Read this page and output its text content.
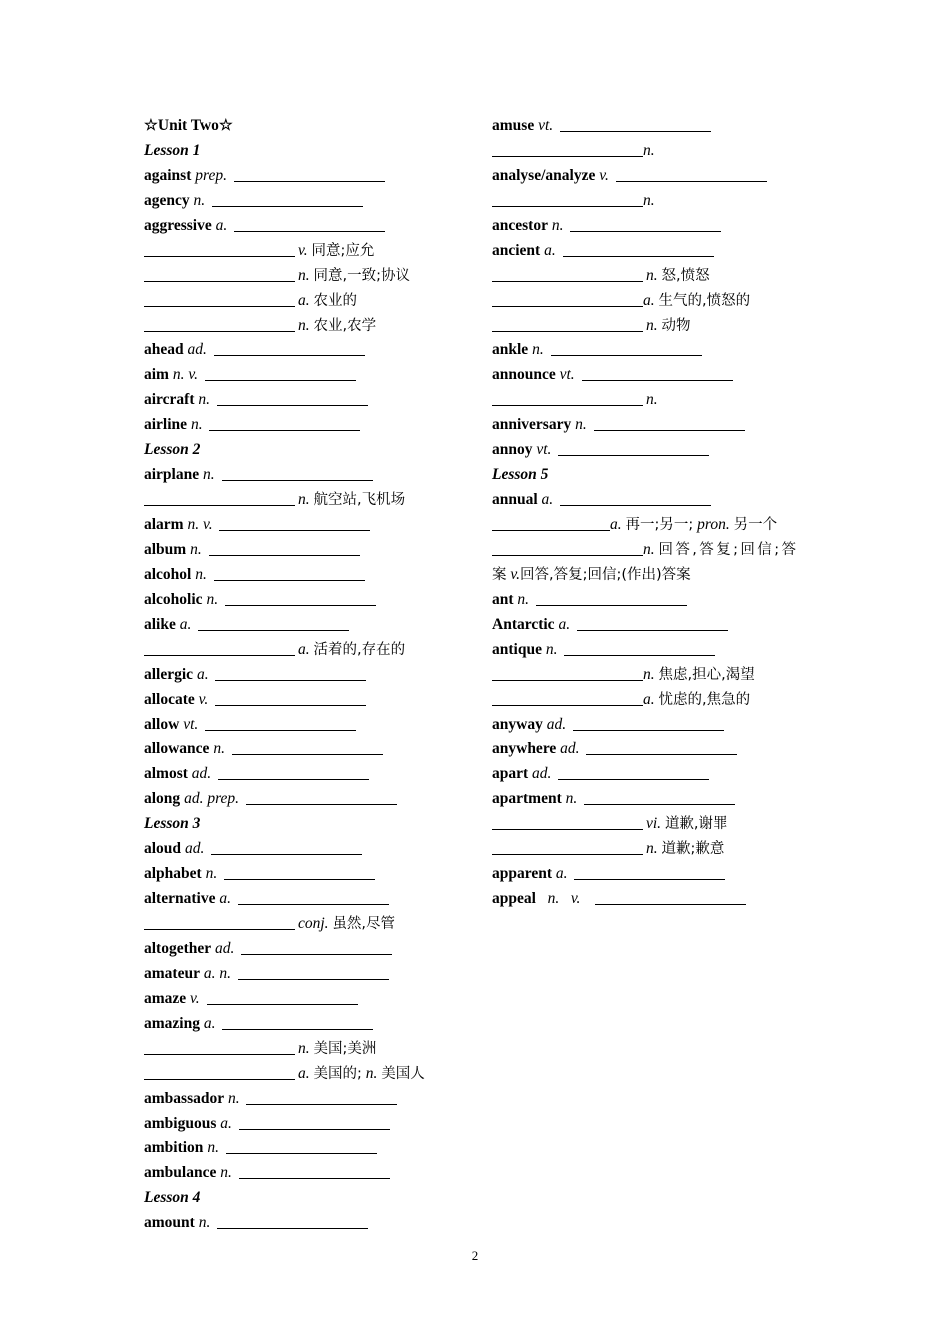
☆Unit Two☆
Lesson 1
against prep.
agency n.
aggressive a.
v. 同意;应允
n. 同意,一致;协议
a. 农业的
n. 农业,农学
ahead ad.
aim n. v.
aircraft n.
airline n.
Lesson 2
airplane n.
n. 航空站,飞机场
alarm n. v.
album n.
alcohol n.
alcoholic n.
alike a.
a. 活着的,存在的
allergic a.
allocate v.
allow vt.
allowance n.
almost ad.
along ad. prep.
Lesson 3
aloud ad.
alphabet n.
alternative a.
conj. 虽然,尽管
altogether ad.
amateur a. n.
amaze v.
amazing a.
n. 美国;美洲
a. 美国的; n. 美国人
ambassador n.
ambiguous a.
ambition n.
ambulance n.
Lesson 4
amount n.
amuse vt.
n.
analyse/analyze v.
n.
ancestor n.
ancient a.
n. 怒,愤怒
a. 生气的,愤怒的
n. 动物
ankle n.
announce vt.
n.
anniversary n.
annoy vt.
Lesson 5
annual a.
a. 再一;另一; pron. 另一个
n. 回答,答复;回信;答
案 v.回答,答复;回信;(作出)答案
ant n.
Antarctic a.
antique n.
n. 焦虑,担心,渴望
a. 忧虑的,焦急的
anyway ad.
anywhere ad.
apart ad.
apartment n.
vi. 道歉,谢罪
n. 道歉;歉意
apparent a.
appeal n. v.
2
